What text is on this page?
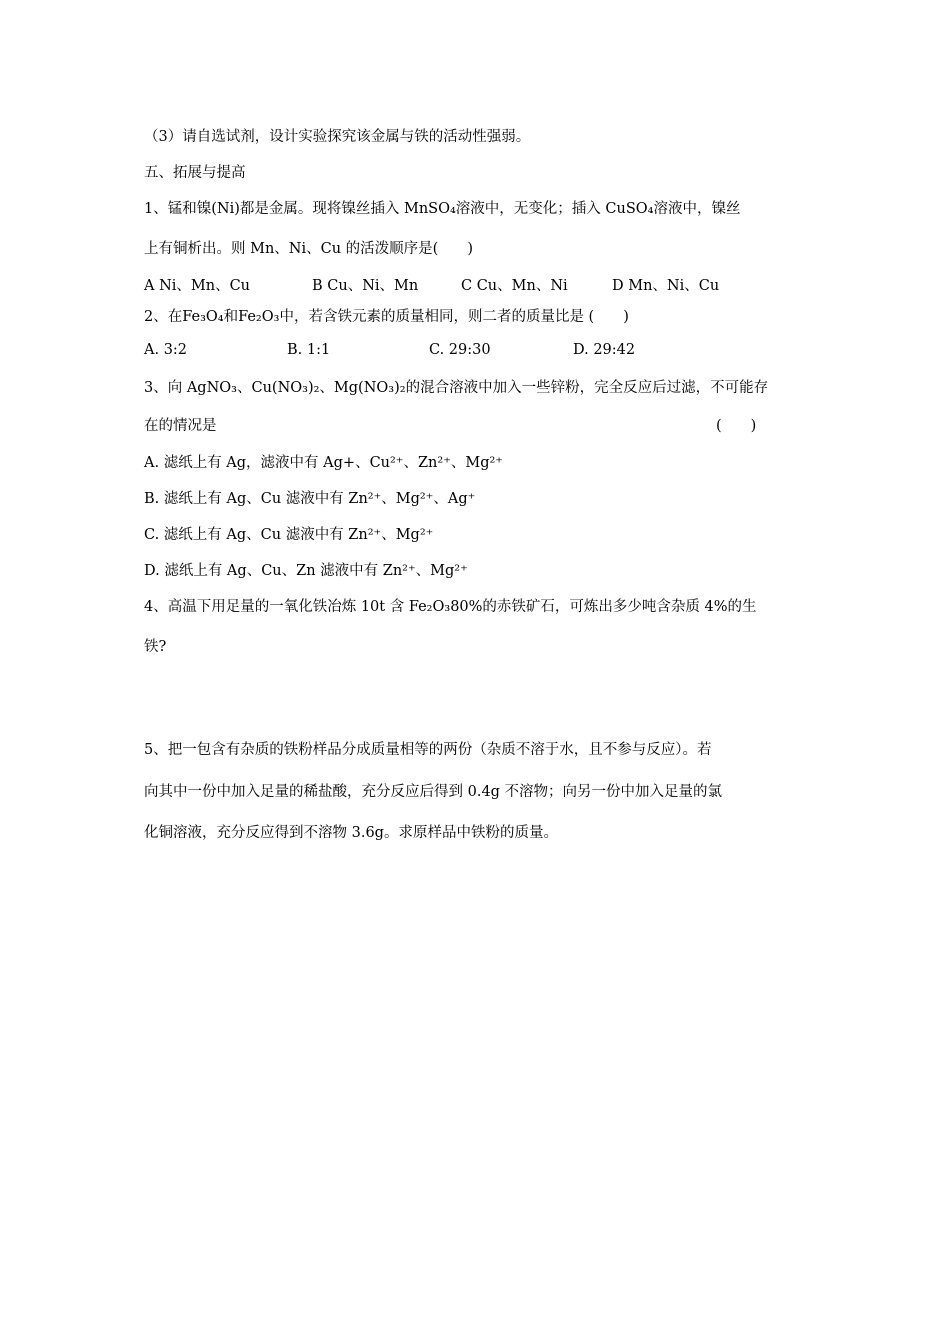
（3）请自选试剂，设计实验探究该金属与铁的活动性强弱。
五、拓展与提高
1、锰和镍(Ni)都是金属。现将镍丝插入 MnSO₄溶液中，无变化；插入 CuSO₄溶液中，镍丝
上有铜析出。则 Mn、Ni、Cu 的活泼顺序是(　　)
A Ni、Mn、Cu	B Cu、Ni、Mn	C Cu、Mn、Ni	D Mn、Ni、Cu
2、在Fe₃O₄和Fe₂O₃中，若含铁元素的质量相同，则二者的质量比是 (　　)
A. 3:2	B. 1:1	C. 29:30	D. 29:42
3、向 AgNO₃、Cu(NO₃)₂、Mg(NO₃)₂的混合溶液中加入一些锌粉，完全反应后过滤，不可能存
在的情况是	(　　)
A. 滤纸上有 Ag，滤液中有 Ag+、Cu²⁺、Zn²⁺、Mg²⁺
B. 滤纸上有 Ag、Cu 滤液中有 Zn²⁺、Mg²⁺、Ag⁺
C. 滤纸上有 Ag、Cu 滤液中有 Zn²⁺、Mg²⁺
D. 滤纸上有 Ag、Cu、Zn 滤液中有 Zn²⁺、Mg²⁺
4、高温下用足量的一氧化铁冶炼 10t 含 Fe₂O₃80%的赤铁矿石，可炼出多少吨含杂质 4%的生
铁?
5、把一包含有杂质的铁粉样品分成质量相等的两份（杂质不溶于水，且不参与反应）。若
向其中一份中加入足量的稀盐酸，充分反应后得到 0.4g 不溶物；向另一份中加入足量的氯
化铜溶液，充分反应得到不溶物 3.6g。求原样品中铁粉的质量。
